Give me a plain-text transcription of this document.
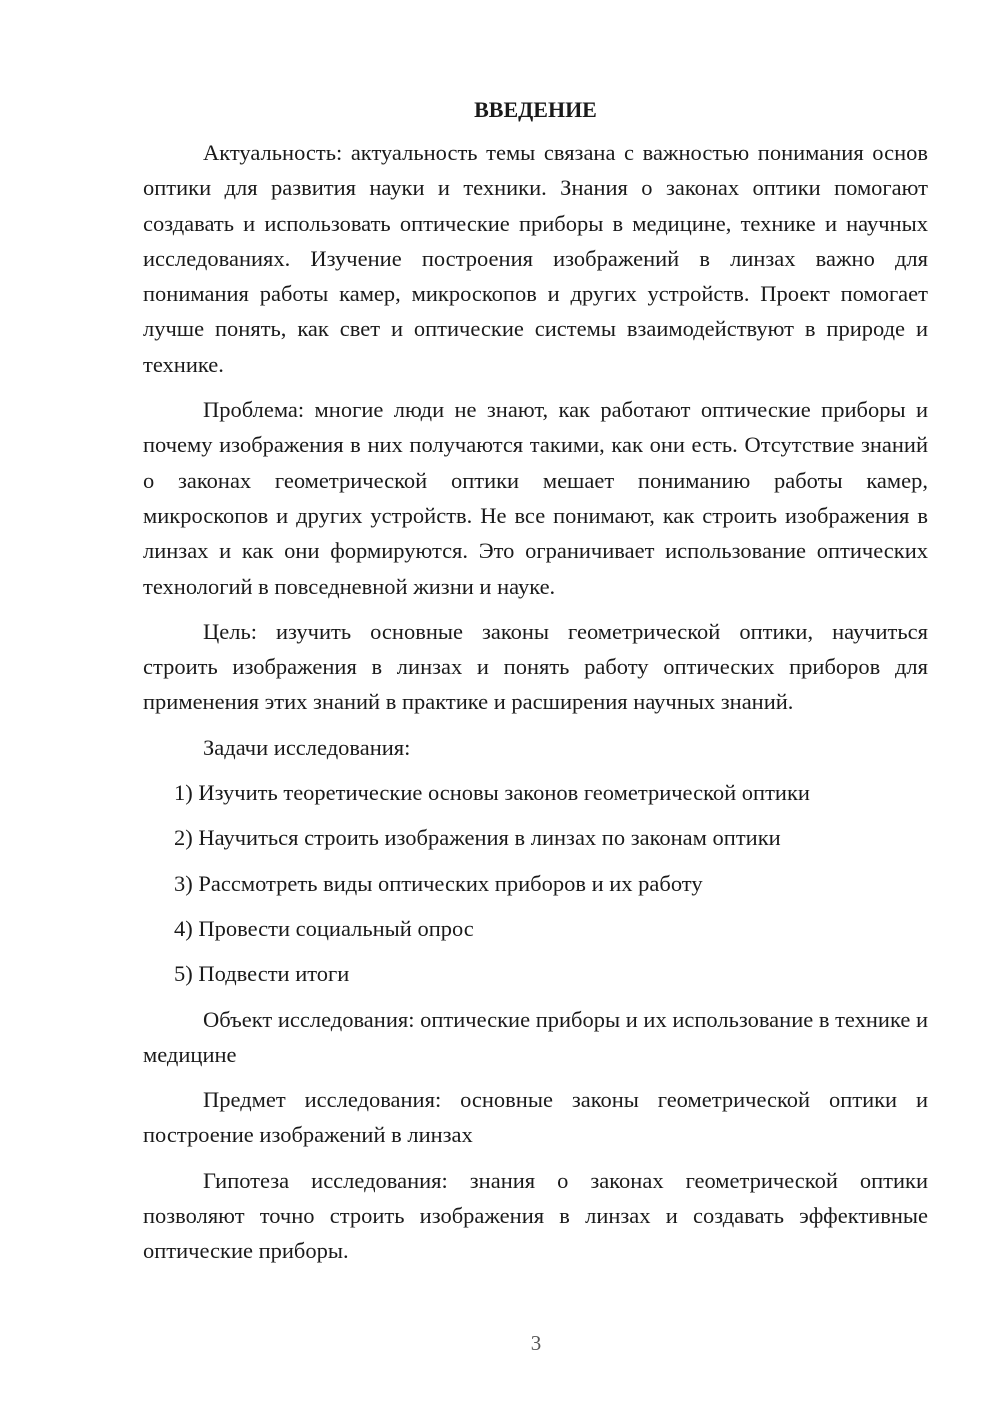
ВВЕДЕНИЕ

Актуальность: актуальность темы связана с важностью понимания основ оптики для развития науки и техники. Знания о законах оптики помогают создавать и использовать оптические приборы в медицине, технике и научных исследованиях. Изучение построения изображений в линзах важно для понимания работы камер, микроскопов и других устройств. Проект помогает лучше понять, как свет и оптические системы взаимодействуют в природе и технике.

Проблема: многие люди не знают, как работают оптические приборы и почему изображения в них получаются такими, как они есть. Отсутствие знаний о законах геометрической оптики мешает пониманию работы камер, микроскопов и других устройств. Не все понимают, как строить изображения в линзах и как они формируются. Это ограничивает использование оптических технологий в повседневной жизни и науке.

Цель: изучить основные законы геометрической оптики, научиться строить изображения в линзах и понять работу оптических приборов для применения этих знаний в практике и расширения научных знаний.

Задачи исследования:

1) Изучить теоретические основы законов геометрической оптики

2) Научиться строить изображения в линзах по законам оптики

3) Рассмотреть виды оптических приборов и их работу

4) Провести социальный опрос

5) Подвести итоги

Объект исследования: оптические приборы и их использование в технике и медицине

Предмет исследования: основные законы геометрической оптики и построение изображений в линзах

Гипотеза исследования: знания о законах геометрической оптики позволяют точно строить изображения в линзах и создавать эффективные оптические приборы.

3
